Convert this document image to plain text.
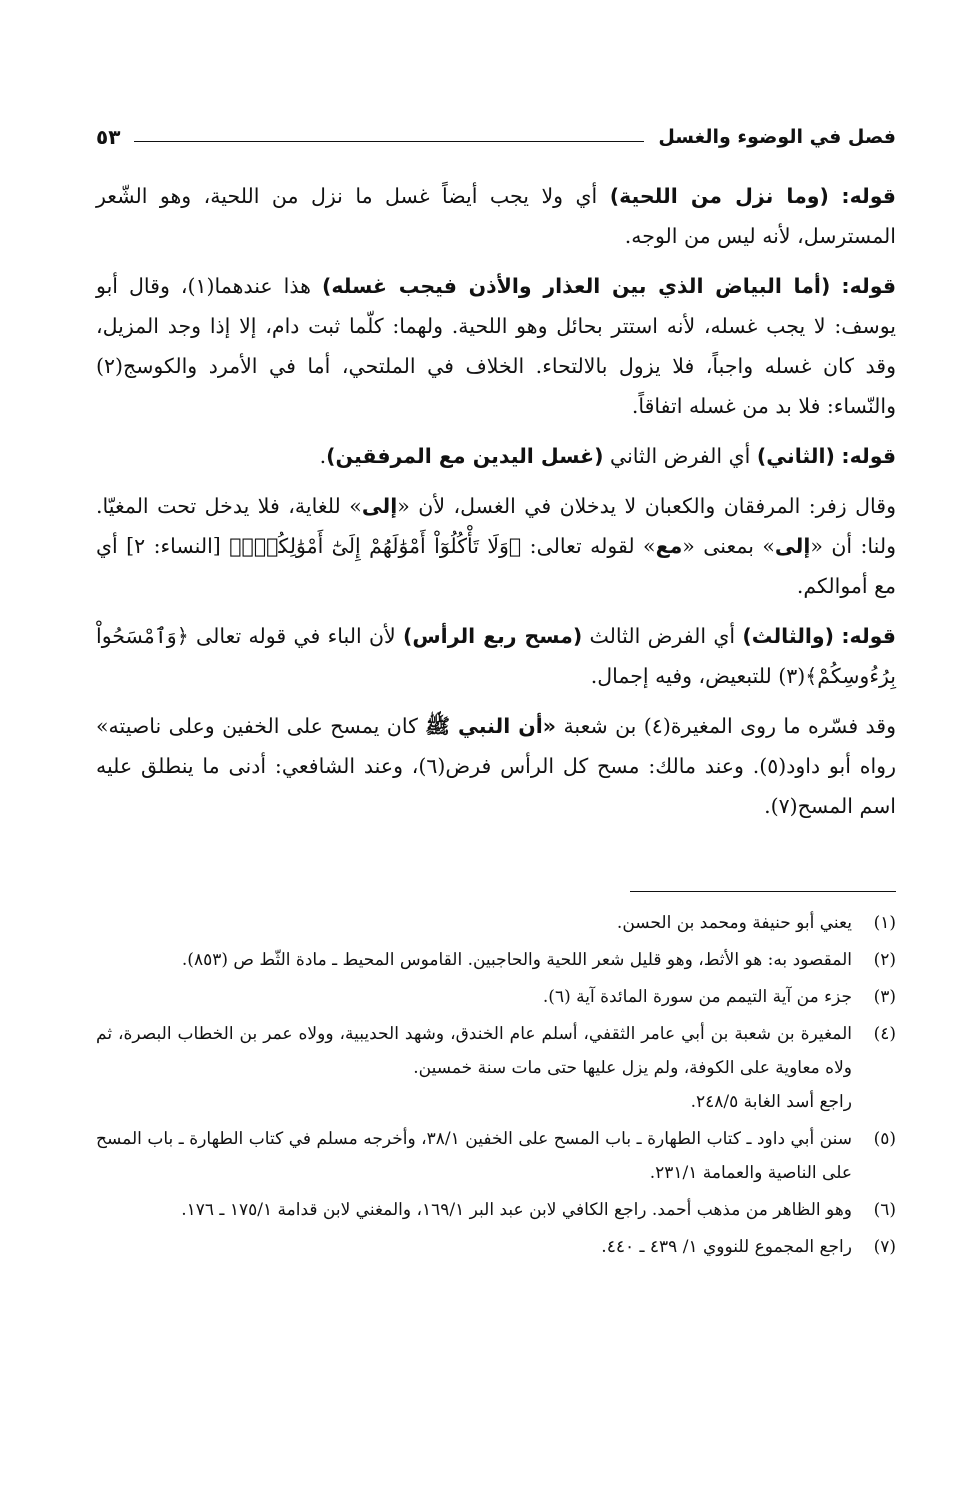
فصل في الوضوء والغسل
٥٣

قوله: (وما نزل من اللحية) أي ولا يجب أيضاً غسل ما نزل من اللحية، وهو الشّعر المسترسل، لأنه ليس من الوجه.

قوله: (أما البياض الذي بين العذار والأذن فيجب غسله) هذا عندهما(١)، وقال أبو يوسف: لا يجب غسله، لأنه استتر بحائل وهو اللحية. ولهما: كلّما ثبت دام، إلا إذا وجد المزيل، وقد كان غسله واجباً، فلا يزول بالالتحاء. الخلاف في الملتحي، أما في الأمرد والكوسج(٢) والنّساء: فلا بد من غسله اتفاقاً.

قوله: (الثاني) أي الفرض الثاني (غسل اليدين مع المرفقين).

وقال زفر: المرفقان والكعبان لا يدخلان في الغسل، لأن «إلى» للغاية، فلا يدخل تحت المغيّا. ولنا: أن «إلى» بمعنى «مع» لقوله تعالى: ﴿وَلَا تَأْكُلُوٓاْ أَمْوَٰلَهُمْ إِلَىٰٓ أَمْوَٰلِكُمْۚ﴾ [النساء: ٢] أي مع أموالكم.

قوله: (والثالث) أي الفرض الثالث (مسح ربع الرأس) لأن الباء في قوله تعالى ﴿وَٱمْسَحُواْ بِرُءُوسِكُمْ﴾(٣) للتبعيض، وفيه إجمال.

وقد فسّره ما روى المغيرة(٤) بن شعبة «أن النبي ﷺ كان يمسح على الخفين وعلى ناصيته» رواه أبو داود(٥). وعند مالك: مسح كل الرأس فرض(٦)، وعند الشافعي: أدنى ما ينطلق عليه اسم المسح(٧).

(١)
يعني أبو حنيفة ومحمد بن الحسن.
(٢)
المقصود به: هو الأثط، وهو قليل شعر اللحية والحاجبين. القاموس المحيط ـ مادة الثّط ص (٨٥٣).
(٣)
جزء من آية التيمم من سورة المائدة آية (٦).
(٤)
المغيرة بن شعبة بن أبي عامر الثقفي، أسلم عام الخندق، وشهد الحديبية، وولاه عمر بن الخطاب البصرة، ثم ولاه معاوية على الكوفة، ولم يزل عليها حتى مات سنة خمسين.
راجع أسد الغابة ٢٤٨/٥.
(٥)
سنن أبي داود ـ كتاب الطهارة ـ باب المسح على الخفين ٣٨/١، وأخرجه مسلم في كتاب الطهارة ـ باب المسح على الناصية والعمامة ٢٣١/١.
(٦)
وهو الظاهر من مذهب أحمد. راجع الكافي لابن عبد البر ١٦٩/١، والمغني لابن قدامة ١٧٥/١ ـ ١٧٦.
(٧)
راجع المجموع للنووي ١/ ٤٣٩ ـ ٤٤٠.
